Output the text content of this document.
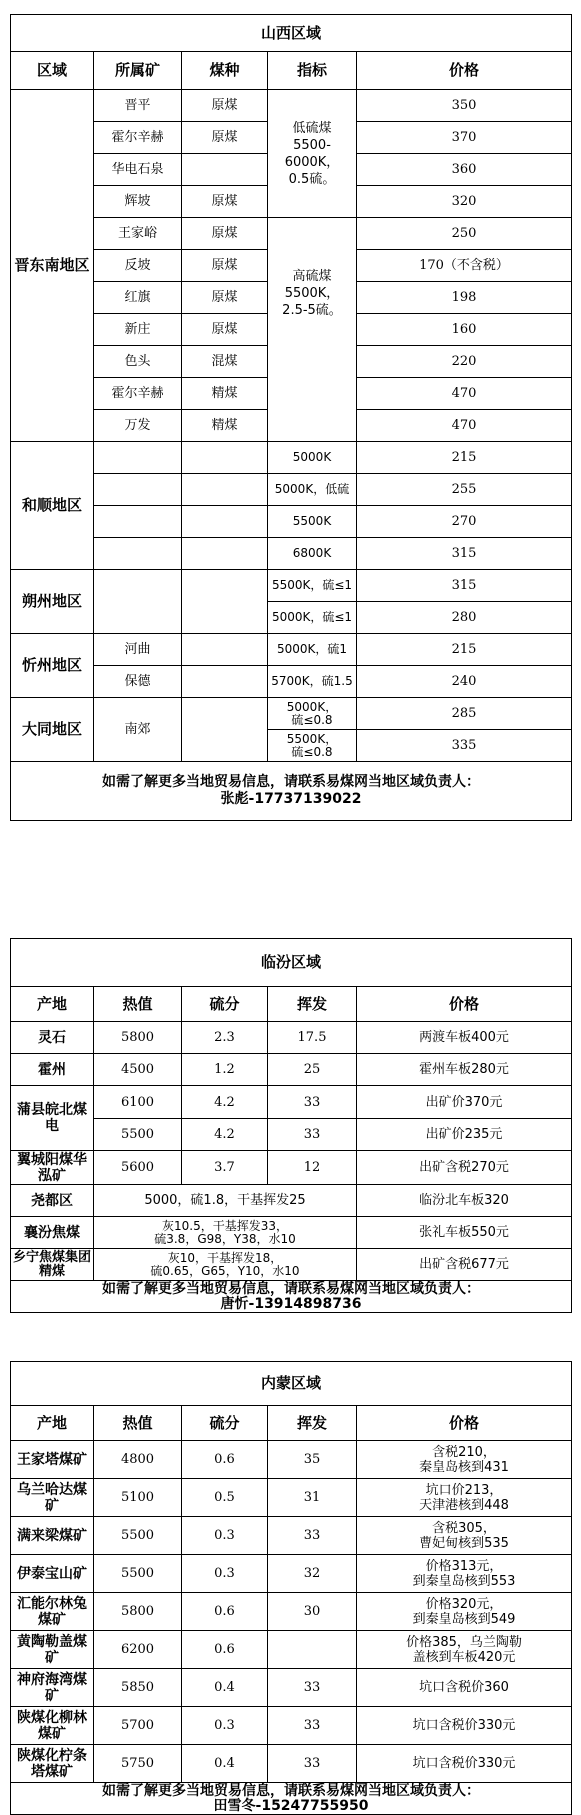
山西区域				
区域	所属矿	煤种	指标	价格
晋东南地区	晋平	原煤	低硫煤
5500-6000K，
0.5硫。	350
	霍尔辛赫	原煤		370
	华电石泉			360
	辉坡	原煤		320
	王家峪	原煤	高硫煤
5500K，
2.5-5硫。	250
	反坡	原煤		170（不含税）
	红旗	原煤		198
	新庄	原煤		160
	色头	混煤		220
	霍尔辛赫	精煤		470
	万发	精煤		470
和顺地区			5000K	215
			5000K，低硫	255
			5500K	270
			6800K	315
朔州地区			5500K，硫≤1	315
			5000K，硫≤1	280
忻州地区	河曲		5000K，硫1	215
	保德		5700K，硫1.5	240
大同地区	南郊		5000K，
硫≤0.8	285
			5500K，
硫≤0.8	335
如需了解更多当地贸易信息，请联系易煤网当地区域负责人：
张彪-17737139022				
临汾区域				
产地	热值	硫分	挥发	价格
灵石	5800	2.3	17.5	两渡车板400元
霍州	4500	1.2	25	霍州车板280元
蒲县皖北煤电	6100	4.2	33	出矿价370元
	5500	4.2	33	出矿价235元
翼城阳煤华泓矿	5600	3.7	12	出矿含税270元
尧都区	5000，硫1.8，干基挥发25			临汾北车板320
襄汾焦煤	灰10.5，干基挥发33，
硫3.8，G98，Y38，水10			张礼车板550元
乡宁焦煤集团精煤	灰10，干基挥发18，
硫0.65，G65，Y10，水10			出矿含税677元
如需了解更多当地贸易信息，请联系易煤网当地区域负责人：
唐忻-13914898736				
内蒙区域				
产地	热值	硫分	挥发	价格
王家塔煤矿	4800	0.6	35	含税210，
秦皇岛核到431
乌兰哈达煤矿	5100	0.5	31	坑口价213，
天津港核到448
满来梁煤矿	5500	0.3	33	含税305，
曹妃甸核到535
伊泰宝山矿	5500	0.3	32	价格313元，
到秦皇岛核到553
汇能尔林兔煤矿	5800	0.6	30	价格320元，
到秦皇岛核到549
黄陶勒盖煤矿	6200	0.6		价格385，乌兰陶勒
盖核到车板420元
神府海湾煤矿	5850	0.4	33	坑口含税价360
陕煤化柳林煤矿	5700	0.3	33	坑口含税价330元
陕煤化柠条塔煤矿	5750	0.4	33	坑口含税价330元
如需了解更多当地贸易信息，请联系易煤网当地区域负责人：
田雪冬-15247755950				
